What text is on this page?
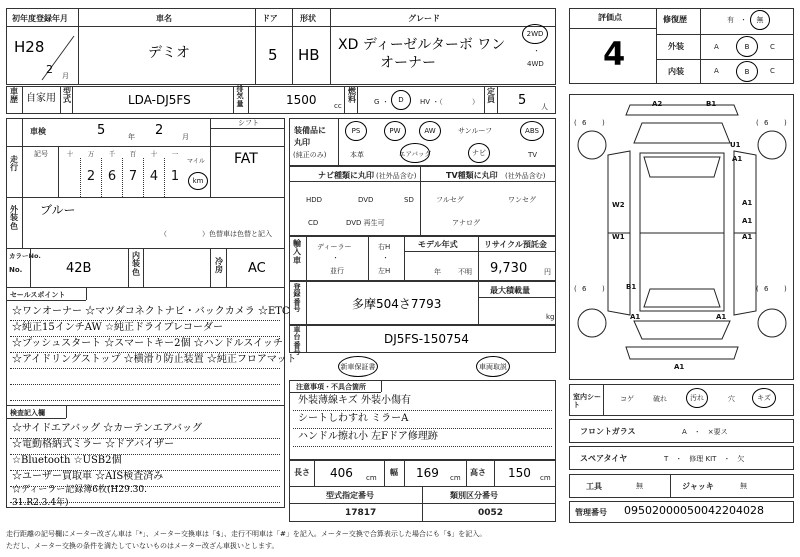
初年度登録年月
H28
2 月
車名
デミオ
ドア
5
形状
HB
グレード
XD ディーゼルターボ ワン
オーナー
2WD
・
4WD
車歴 自家用
型式	LDA-DJ5FS
排気量	1500 cc
燃料	G ・	D	HV ・（	）
定員 5 人
車検	5	年 2	月
シフト
FAT
走行
記号	十	万	千	百	十	一
2 6 7 4 1
マイル
km
外装色
ブルー
（　　　　　）色替車は色替と記入
カラーNo.
No.	42B
内装色
冷房 AC
セールスポイント
☆ワンオーナー ☆マツダコネクトナビ・バックカメラ ☆ETC
☆純正15インチAW ☆純正ドライブレコーダー
☆プッシュスタート ☆スマートキー2個 ☆ハンドルスイッチ
☆アイドリングストップ ☆横滑り防止装置 ☆純正フロアマット
検査記入欄
☆サイドエアバッグ ☆カーテンエアバッグ
☆電動格納式ミラー ☆ドアバイザー
☆Bluetooth ☆USB2個
☆ユーザー買取車 ☆AIS検査済み
☆ディーラー記録簿6枚(H29.30.
31.R2.3.4年)
装備品に
丸印
(純正のみ)
PS	PW	AW	サンルーフ	ABS
本革	エアバッグ	ナビ	TV
ナビ種類に丸印 (社外品含む)
HDD	DVD	SD
CD	DVD 再生可
TV種類に丸印 (社外品含む)
フルセグ	ワンセグ
アナログ
輸入車
ディーラー
・
並行
右H
・
左H
モデル年式
年 不明
リサイクル預託金
9,730 円
登録番号	多摩504さ7793
最大積載量
kg
車台番号
DJ5FS-150754
新車保証書	車両取説
注意事項・不具合箇所
外装薄線キズ 外装小傷有
シートしわすれ ミラーA
ハンドル擦れ小 左Fドア修理跡
長さ 406 cm
幅 169 cm
高さ 150 cm
型式指定番号
17817
類別区分番号
0052
評価点
4
修復歴	有 ・	無
外装	A	B	C
内装	A	B	C
( 6 )	( 6 )
( 6 )	( 6 )
A2	B1
U1
A1
W2	A1
W1
A1
B1
A1
A1	A1
A1
室内シート
コゲ	破れ	汚れ	穴	キズ
フロントガラス	A　・　×要ス
スペアタイヤ	T　・　修理 KIT　・　欠
工具	無	ジャッキ	無
管理番号 09502000050042204028
走行距離の記号欄にメーター改ざん車は「*」、メーター交換車は「$」、走行不明車は「#」を記入。メーター交換で合算表示した場合にも「$」を記入。
ただし、メーター交換の条件を満たしていないものはメーター改ざん車扱いとします。
